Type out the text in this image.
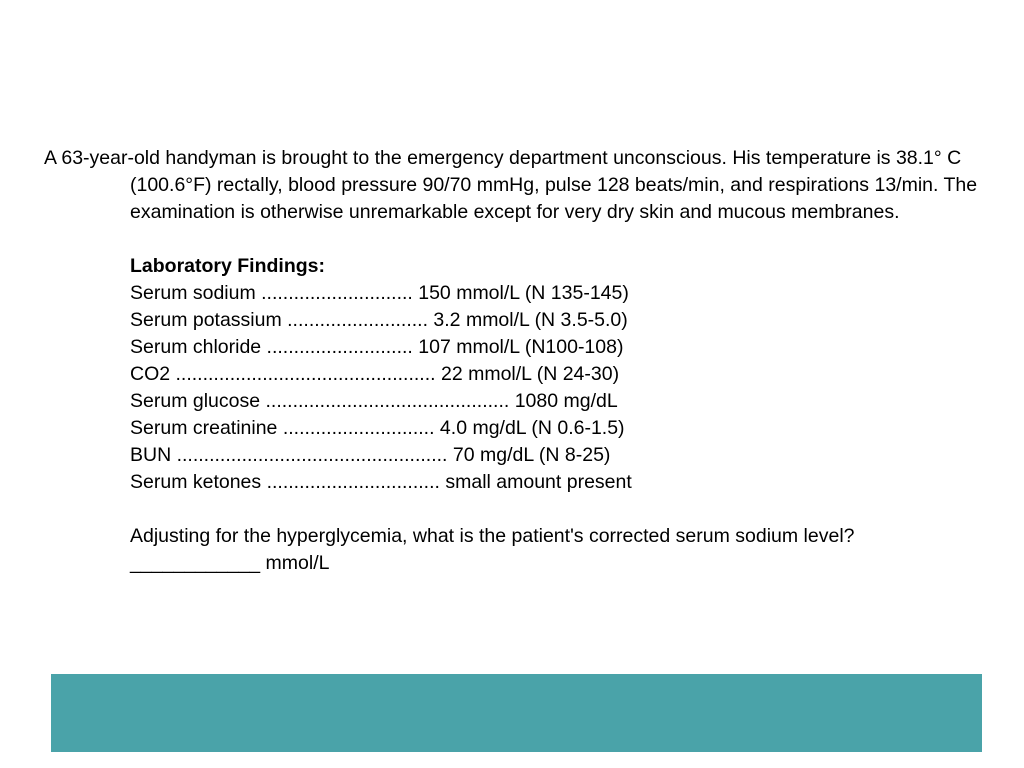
A 63-year-old handyman is brought to the emergency department unconscious. His temperature is 38.1° C (100.6°F) rectally, blood pressure 90/70 mmHg, pulse 128 beats/min, and respirations 13/min. The examination is otherwise unremarkable except for very dry skin and mucous membranes.

Laboratory Findings:
Serum sodium ............................ 150 mmol/L (N 135-145)
Serum potassium .......................... 3.2 mmol/L (N 3.5-5.0)
Serum chloride ........................... 107 mmol/L (N100-108)
CO2 ................................................ 22 mmol/L (N 24-30)
Serum glucose ............................................. 1080 mg/dL
Serum creatinine ............................ 4.0 mg/dL (N 0.6-1.5)
BUN .................................................. 70 mg/dL (N 8-25)
Serum ketones ................................ small amount present

Adjusting for the hyperglycemia, what is the patient's corrected serum sodium level? ____________ mmol/L
